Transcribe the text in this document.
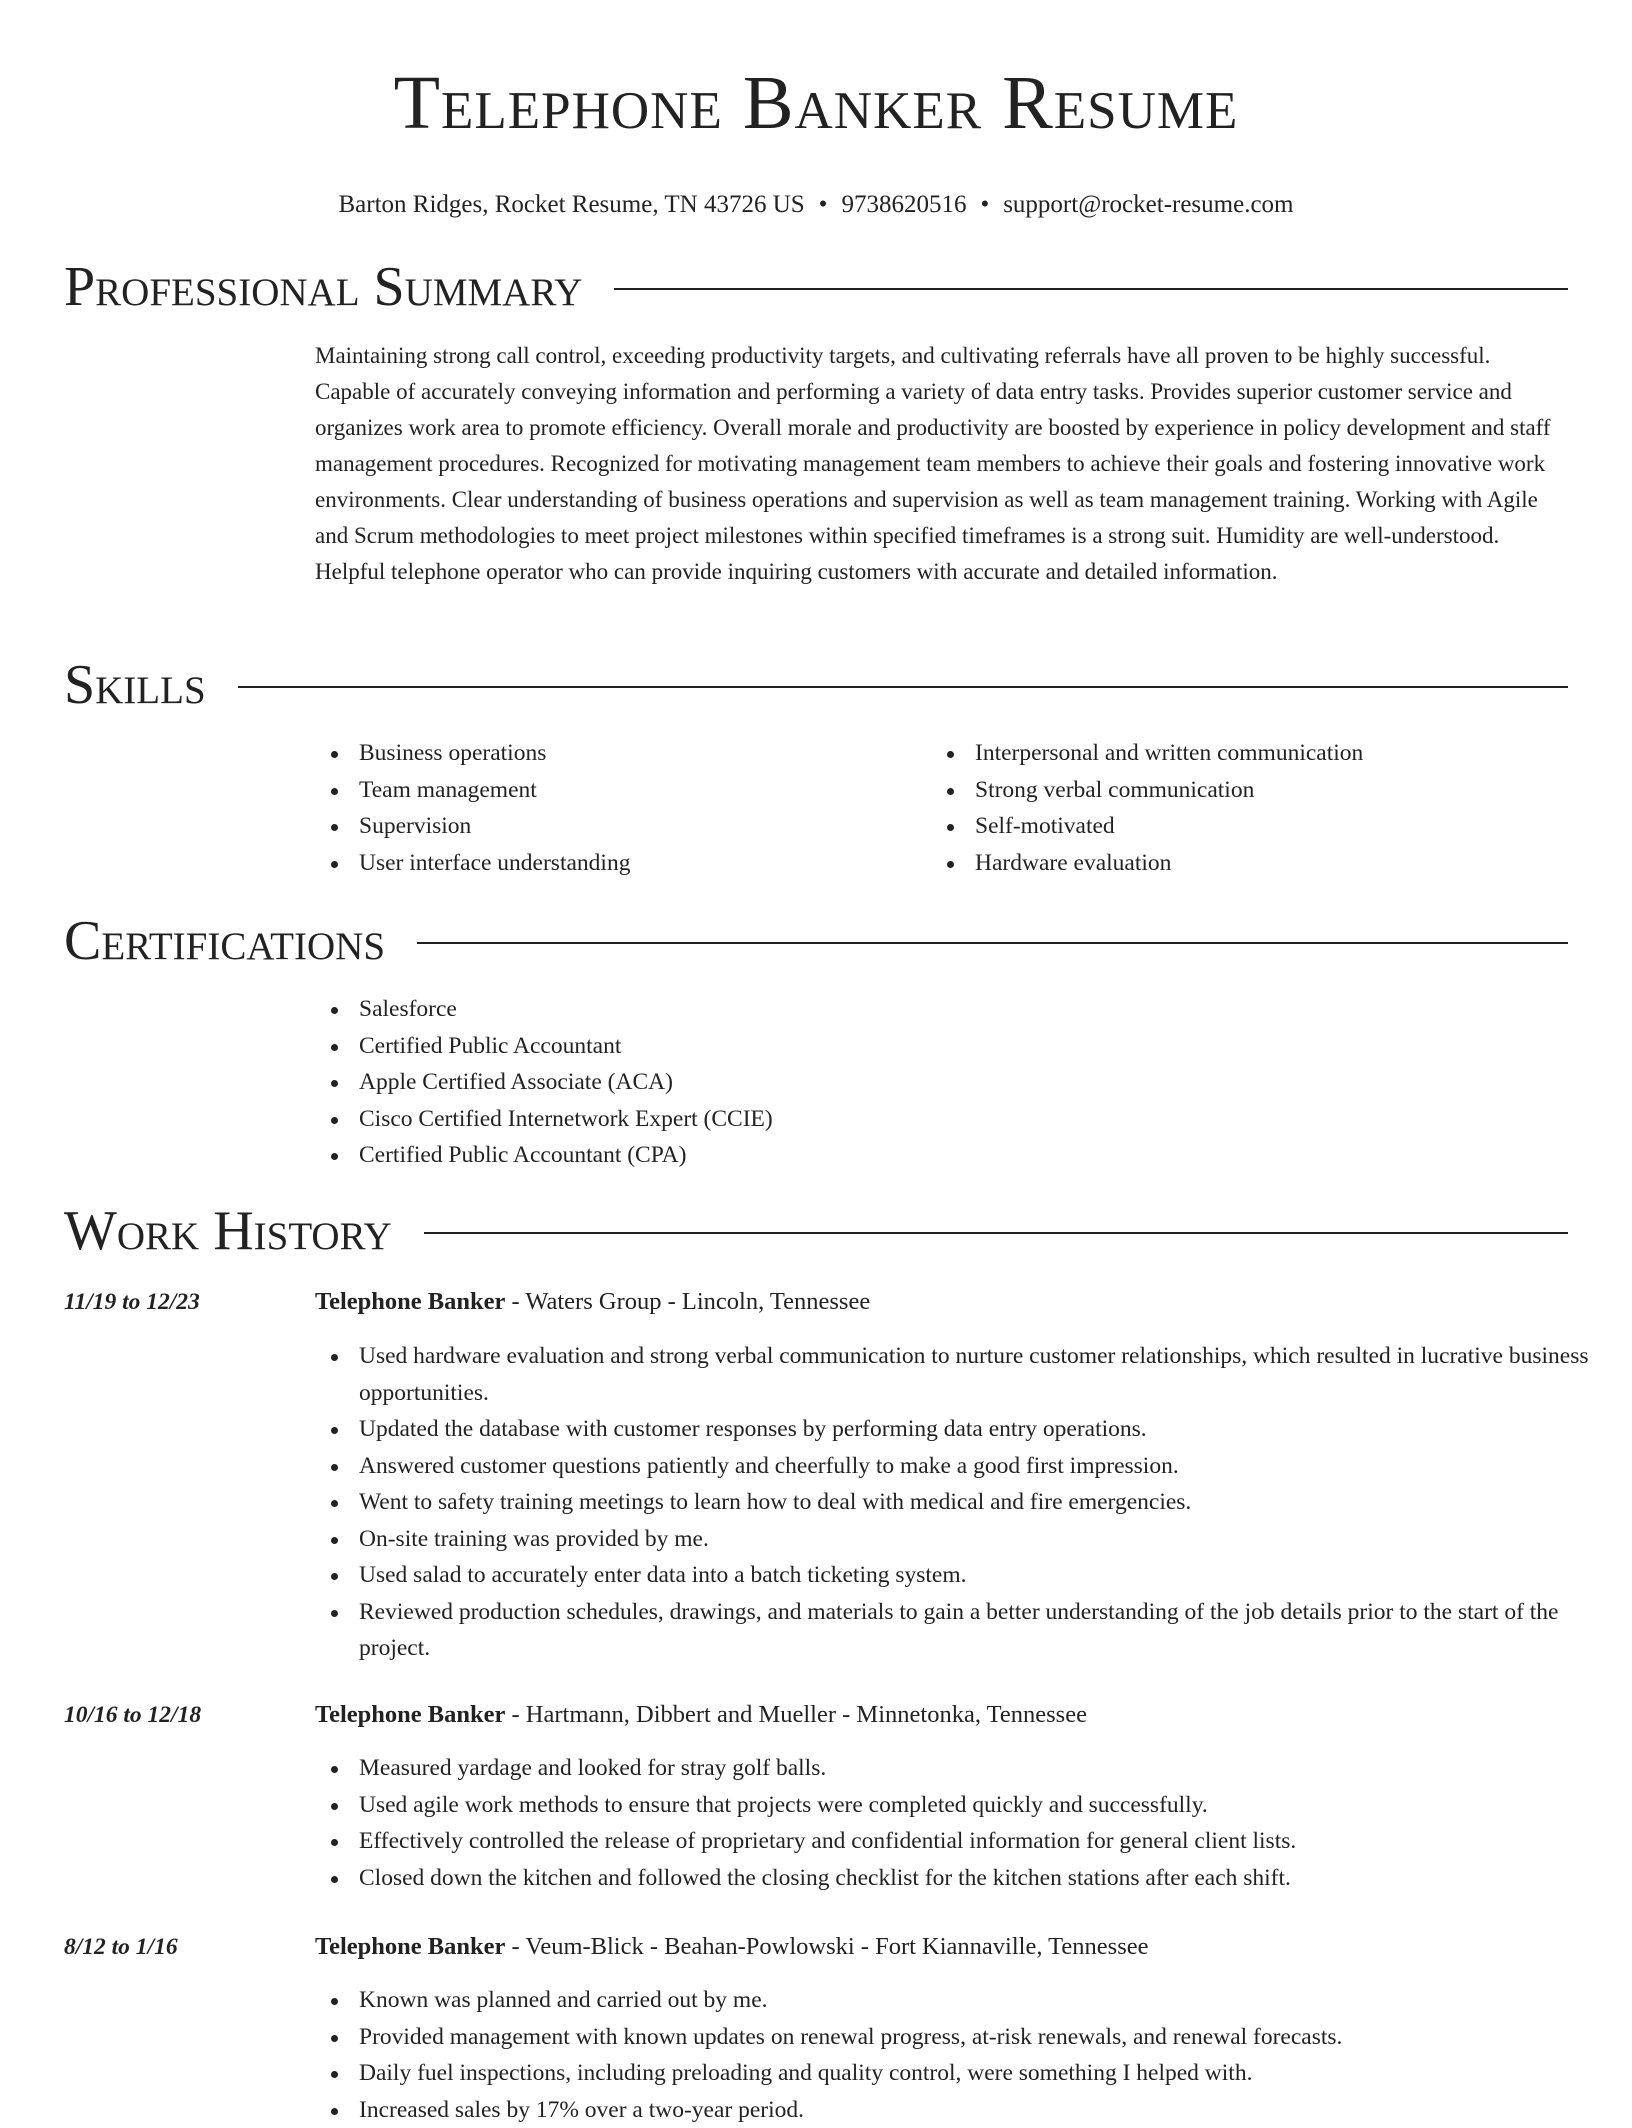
Telephone Banker Resume
Barton Ridges, Rocket Resume, TN 43726 US • 9738620516 • support@rocket-resume.com
Professional Summary

Maintaining strong call control, exceeding productivity targets, and cultivating referrals have all proven to be highly successful. Capable of accurately conveying information and performing a variety of data entry tasks. Provides superior customer service and organizes work area to promote efficiency. Overall morale and productivity are boosted by experience in policy development and staff management procedures. Recognized for motivating management team members to achieve their goals and fostering innovative work environments. Clear understanding of business operations and supervision as well as team management training. Working with Agile and Scrum methodologies to meet project milestones within specified timeframes is a strong suit. Humidity are well-understood. Helpful telephone operator who can provide inquiring customers with accurate and detailed information.

Skills
Business operations
Team management
Supervision
User interface understanding
Interpersonal and written communication
Strong verbal communication
Self-motivated
Hardware evaluation
Certifications
Salesforce
Certified Public Accountant
Apple Certified Associate (ACA)
Cisco Certified Internetwork Expert (CCIE)
Certified Public Accountant (CPA)
Work History
11/19 to 12/23	Telephone Banker - Waters Group - Lincoln, Tennessee
Used hardware evaluation and strong verbal communication to nurture customer relationships, which resulted in lucrative business opportunities.
Updated the database with customer responses by performing data entry operations.
Answered customer questions patiently and cheerfully to make a good first impression.
Went to safety training meetings to learn how to deal with medical and fire emergencies.
On-site training was provided by me.
Used salad to accurately enter data into a batch ticketing system.
Reviewed production schedules, drawings, and materials to gain a better understanding of the job details prior to the start of the project.
10/16 to 12/18	Telephone Banker - Hartmann, Dibbert and Mueller - Minnetonka, Tennessee
Measured yardage and looked for stray golf balls.
Used agile work methods to ensure that projects were completed quickly and successfully.
Effectively controlled the release of proprietary and confidential information for general client lists.
Closed down the kitchen and followed the closing checklist for the kitchen stations after each shift.
8/12 to 1/16	Telephone Banker - Veum-Blick - Beahan-Powlowski - Fort Kiannaville, Tennessee
Known was planned and carried out by me.
Provided management with known updates on renewal progress, at-risk renewals, and renewal forecasts.
Daily fuel inspections, including preloading and quality control, were something I helped with.
Increased sales by 17% over a two-year period.
